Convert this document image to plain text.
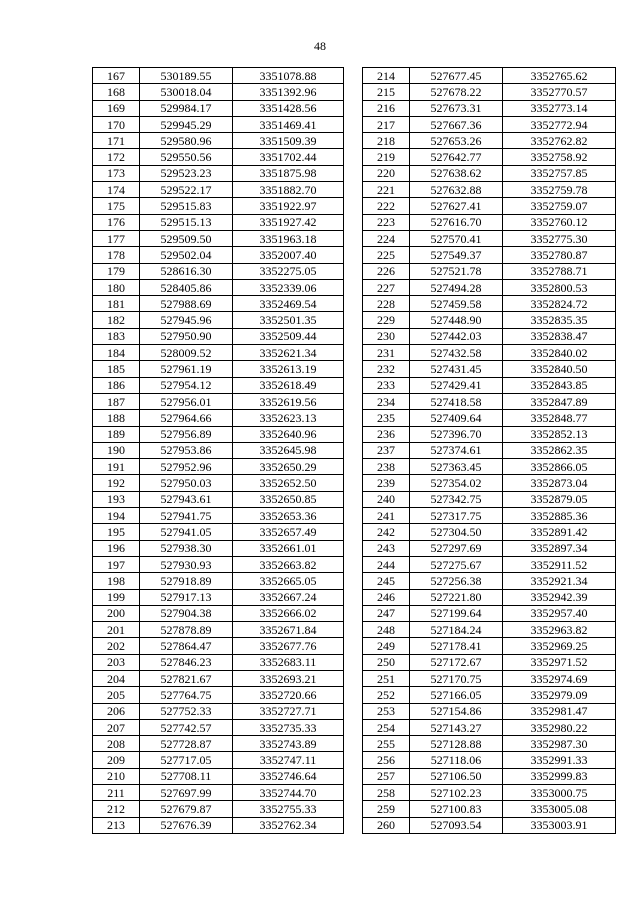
48
167	530189.55	3351078.88
168	530018.04	3351392.96
169	529984.17	3351428.56
170	529945.29	3351469.41
171	529580.96	3351509.39
172	529550.56	3351702.44
173	529523.23	3351875.98
174	529522.17	3351882.70
175	529515.83	3351922.97
176	529515.13	3351927.42
177	529509.50	3351963.18
178	529502.04	3352007.40
179	528616.30	3352275.05
180	528405.86	3352339.06
181	527988.69	3352469.54
182	527945.96	3352501.35
183	527950.90	3352509.44
184	528009.52	3352621.34
185	527961.19	3352613.19
186	527954.12	3352618.49
187	527956.01	3352619.56
188	527964.66	3352623.13
189	527956.89	3352640.96
190	527953.86	3352645.98
191	527952.96	3352650.29
192	527950.03	3352652.50
193	527943.61	3352650.85
194	527941.75	3352653.36
195	527941.05	3352657.49
196	527938.30	3352661.01
197	527930.93	3352663.82
198	527918.89	3352665.05
199	527917.13	3352667.24
200	527904.38	3352666.02
201	527878.89	3352671.84
202	527864.47	3352677.76
203	527846.23	3352683.11
204	527821.67	3352693.21
205	527764.75	3352720.66
206	527752.33	3352727.71
207	527742.57	3352735.33
208	527728.87	3352743.89
209	527717.05	3352747.11
210	527708.11	3352746.64
211	527697.99	3352744.70
212	527679.87	3352755.33
213	527676.39	3352762.34
214	527677.45	3352765.62
215	527678.22	3352770.57
216	527673.31	3352773.14
217	527667.36	3352772.94
218	527653.26	3352762.82
219	527642.77	3352758.92
220	527638.62	3352757.85
221	527632.88	3352759.78
222	527627.41	3352759.07
223	527616.70	3352760.12
224	527570.41	3352775.30
225	527549.37	3352780.87
226	527521.78	3352788.71
227	527494.28	3352800.53
228	527459.58	3352824.72
229	527448.90	3352835.35
230	527442.03	3352838.47
231	527432.58	3352840.02
232	527431.45	3352840.50
233	527429.41	3352843.85
234	527418.58	3352847.89
235	527409.64	3352848.77
236	527396.70	3352852.13
237	527374.61	3352862.35
238	527363.45	3352866.05
239	527354.02	3352873.04
240	527342.75	3352879.05
241	527317.75	3352885.36
242	527304.50	3352891.42
243	527297.69	3352897.34
244	527275.67	3352911.52
245	527256.38	3352921.34
246	527221.80	3352942.39
247	527199.64	3352957.40
248	527184.24	3352963.82
249	527178.41	3352969.25
250	527172.67	3352971.52
251	527170.75	3352974.69
252	527166.05	3352979.09
253	527154.86	3352981.47
254	527143.27	3352980.22
255	527128.88	3352987.30
256	527118.06	3352991.33
257	527106.50	3352999.83
258	527102.23	3353000.75
259	527100.83	3353005.08
260	527093.54	3353003.91
